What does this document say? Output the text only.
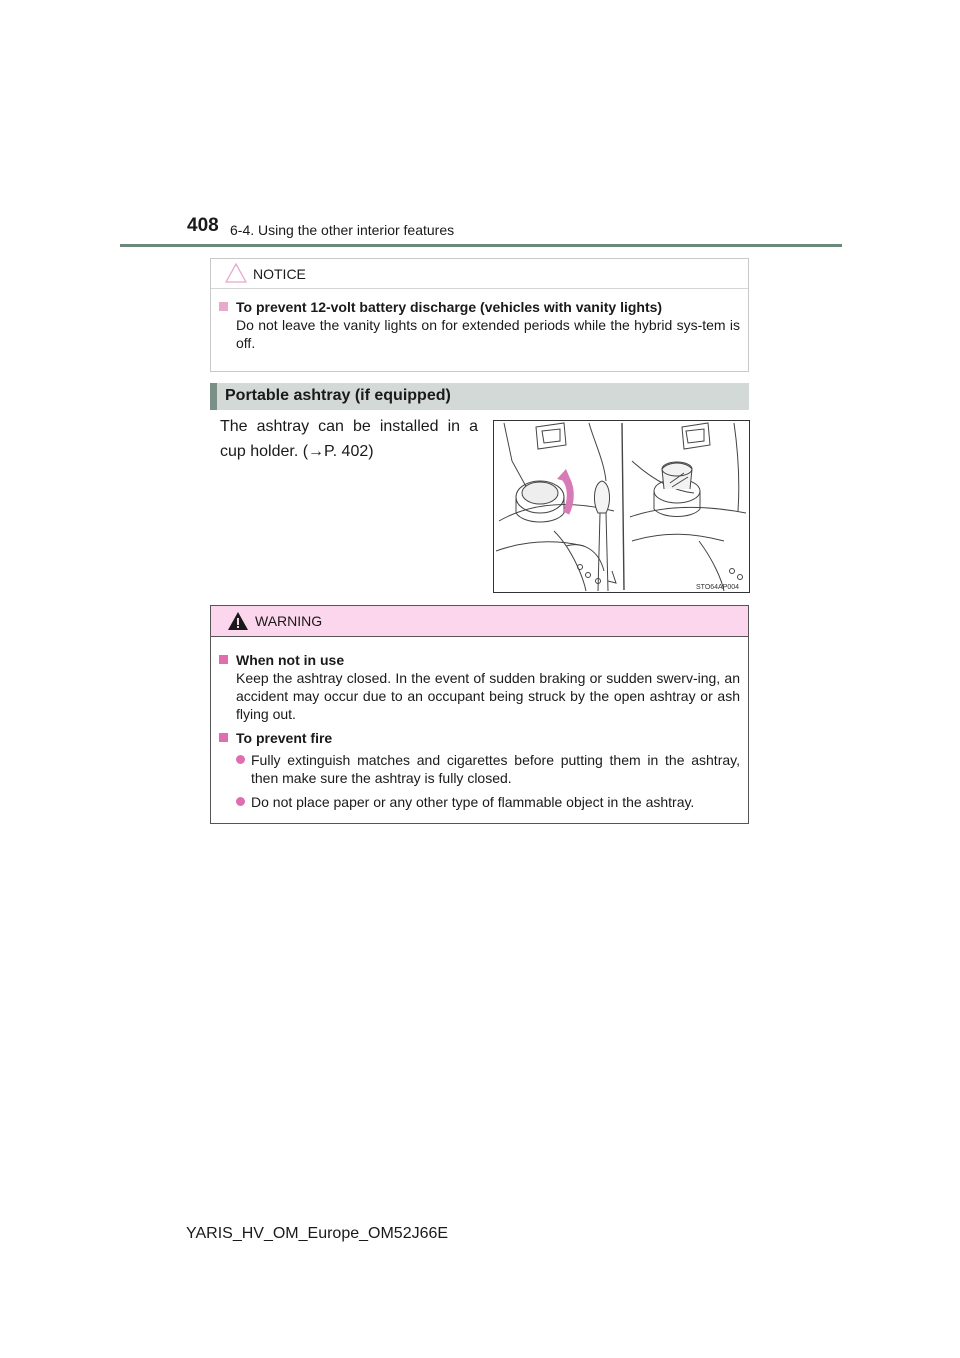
408 6-4. Using the other interior features
NOTICE
To prevent 12-volt battery discharge (vehicles with vanity lights)
Do not leave the vanity lights on for extended periods while the hybrid sys-tem is off.
Portable ashtray (if equipped)
The ashtray can be installed in a cup holder. (→P. 402)
STO64AP004
WARNING
When not in use
Keep the ashtray closed. In the event of sudden braking or sudden swerv-ing, an accident may occur due to an occupant being struck by the open ashtray or ash flying out.
To prevent fire
Fully extinguish matches and cigarettes before putting them in the ashtray, then make sure the ashtray is fully closed.
Do not place paper or any other type of flammable object in the ashtray.
YARIS_HV_OM_Europe_OM52J66E
